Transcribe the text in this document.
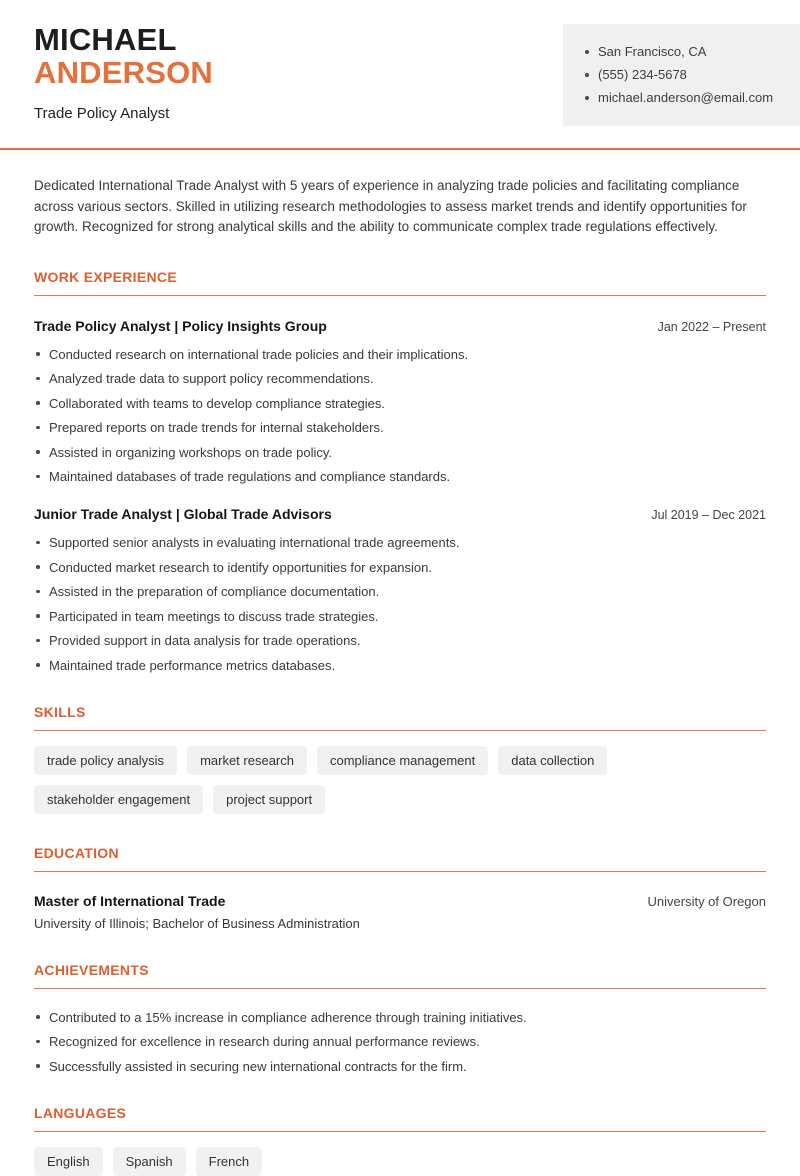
MICHAEL
ANDERSON
Trade Policy Analyst
San Francisco, CA
(555) 234-5678
michael.anderson@email.com

Dedicated International Trade Analyst with 5 years of experience in analyzing trade policies and facilitating compliance across various sectors. Skilled in utilizing research methodologies to assess market trends and identify opportunities for growth. Recognized for strong analytical skills and the ability to communicate complex trade regulations effectively.

WORK EXPERIENCE
Trade Policy Analyst | Policy Insights Group	Jan 2022 – Present
Conducted research on international trade policies and their implications.
Analyzed trade data to support policy recommendations.
Collaborated with teams to develop compliance strategies.
Prepared reports on trade trends for internal stakeholders.
Assisted in organizing workshops on trade policy.
Maintained databases of trade regulations and compliance standards.
Junior Trade Analyst | Global Trade Advisors	Jul 2019 – Dec 2021
Supported senior analysts in evaluating international trade agreements.
Conducted market research to identify opportunities for expansion.
Assisted in the preparation of compliance documentation.
Participated in team meetings to discuss trade strategies.
Provided support in data analysis for trade operations.
Maintained trade performance metrics databases.
SKILLS
trade policy analysis	market research	compliance management	data collection
stakeholder engagement	project support
EDUCATION
Master of International Trade	University of Oregon
University of Illinois; Bachelor of Business Administration
ACHIEVEMENTS
Contributed to a 15% increase in compliance adherence through training initiatives.
Recognized for excellence in research during annual performance reviews.
Successfully assisted in securing new international contracts for the firm.
LANGUAGES
English	Spanish	French
